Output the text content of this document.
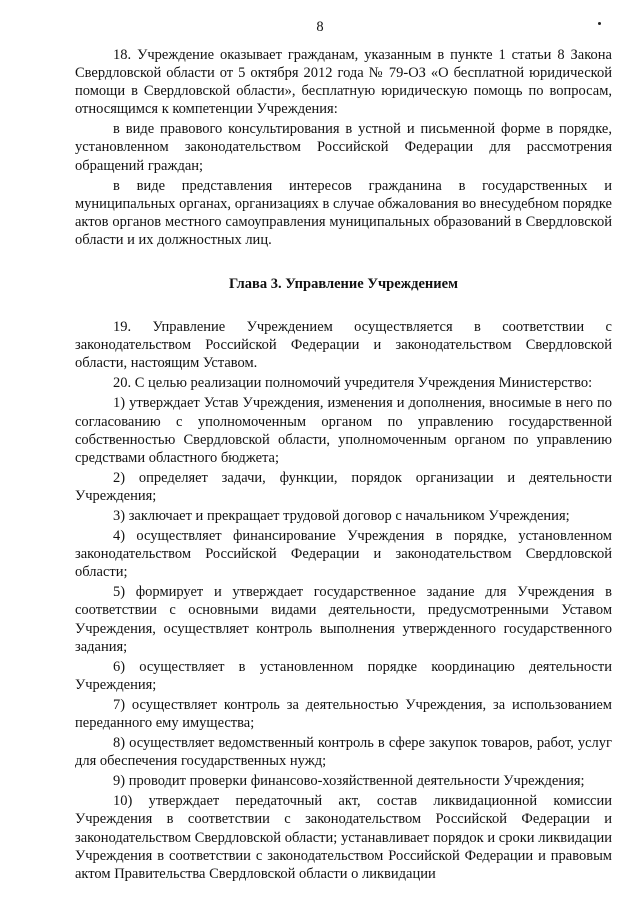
8

18. Учреждение оказывает гражданам, указанным в пункте 1 статьи 8 Закона Свердловской области от 5 октября 2012 года № 79-ОЗ «О бесплатной юридической помощи в Свердловской области», бесплатную юридическую помощь по вопросам, относящимся к компетенции Учреждения:

в виде правового консультирования в устной и письменной форме в порядке, установленном законодательством Российской Федерации для рассмотрения обращений граждан;

в виде представления интересов гражданина в государственных и муниципальных органах, организациях в случае обжалования во внесудебном порядке актов органов местного самоуправления муниципальных образований в Свердловской области и их должностных лиц.

Глава 3. Управление Учреждением

19. Управление Учреждением осуществляется в соответствии с законодательством Российской Федерации и законодательством Свердловской области, настоящим Уставом.

20. С целью реализации полномочий учредителя Учреждения Министерство:

1) утверждает Устав Учреждения, изменения и дополнения, вносимые в него по согласованию с уполномоченным органом по управлению государственной собственностью Свердловской области, уполномоченным органом по управлению средствами областного бюджета;

2) определяет задачи, функции, порядок организации и деятельности Учреждения;

3) заключает и прекращает трудовой договор с начальником Учреждения;

4) осуществляет финансирование Учреждения в порядке, установленном законодательством Российской Федерации и законодательством Свердловской области;

5) формирует и утверждает государственное задание для Учреждения в соответствии с основными видами деятельности, предусмотренными Уставом Учреждения, осуществляет контроль выполнения утвержденного государственного задания;

6) осуществляет в установленном порядке координацию деятельности Учреждения;

7) осуществляет контроль за деятельностью Учреждения, за использованием переданного ему имущества;

8) осуществляет ведомственный контроль в сфере закупок товаров, работ, услуг для обеспечения государственных нужд;

9) проводит проверки финансово-хозяйственной деятельности Учреждения;

10) утверждает передаточный акт, состав ликвидационной комиссии Учреждения в соответствии с законодательством Российской Федерации и законодательством Свердловской области; устанавливает порядок и сроки ликвидации Учреждения в соответствии с законодательством Российской Федерации и правовым актом Правительства Свердловской области о ликвидации
